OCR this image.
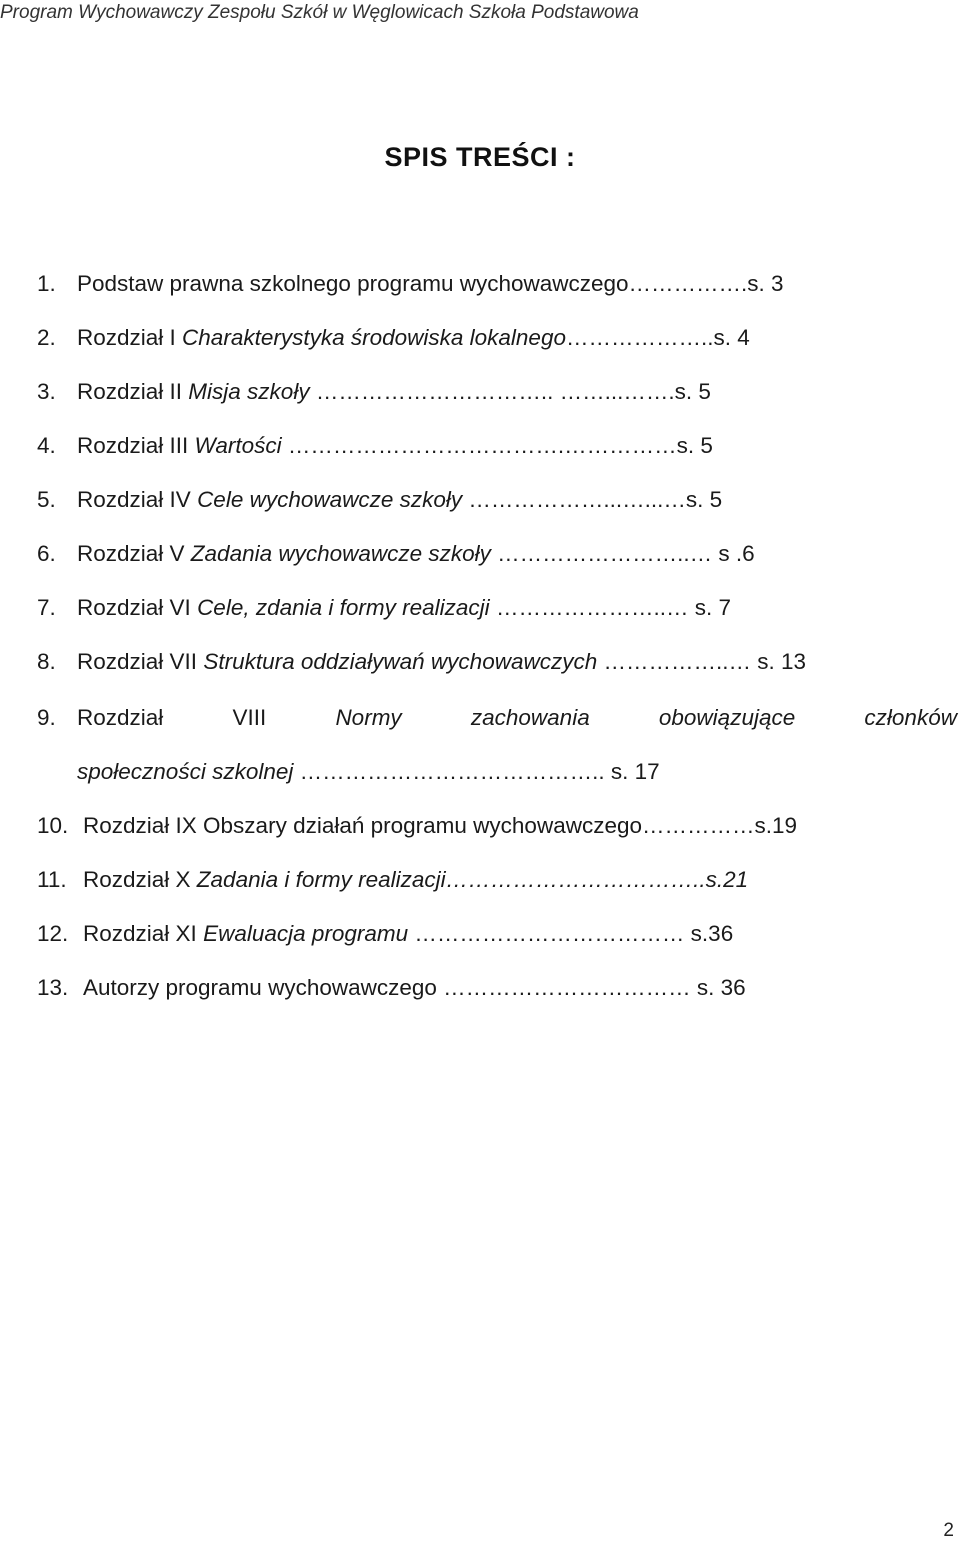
Program Wychowawczy Zespołu Szkół w Węglowicach Szkoła Podstawowa
SPIS TREŚCI :
1. Podstaw prawna szkolnego programu wychowawczego…………….s. 3
2. Rozdział I Charakterystyka środowiska lokalnego………………..s. 4
3. Rozdział II Misja szkoły ………………………….. ……...…….s. 5
4. Rozdział III Wartości ……………………………….……………s. 5
5. Rozdział IV Cele wychowawcze szkoły ………………...…...…s. 5
6. Rozdział V Zadania wychowawcze szkoły ……………………..… s .6
7. Rozdział VI Cele, zdania i formy realizacji …………………..… s. 7
8. Rozdział VII Struktura oddziaływań wychowawczych ……………..… s. 13
9. Rozdział	VIII	Normy	zachowania	obowiązujące	członków
społeczności szkolnej ………………………………….. s. 17
10. Rozdział IX Obszary działań programu wychowawczego……………s.19
11. Rozdział X Zadania i formy realizacji……………………………..s.21
12. Rozdział XI Ewaluacja programu ……………………………… s.36
13. Autorzy programu wychowawczego …………………………… s. 36
2
